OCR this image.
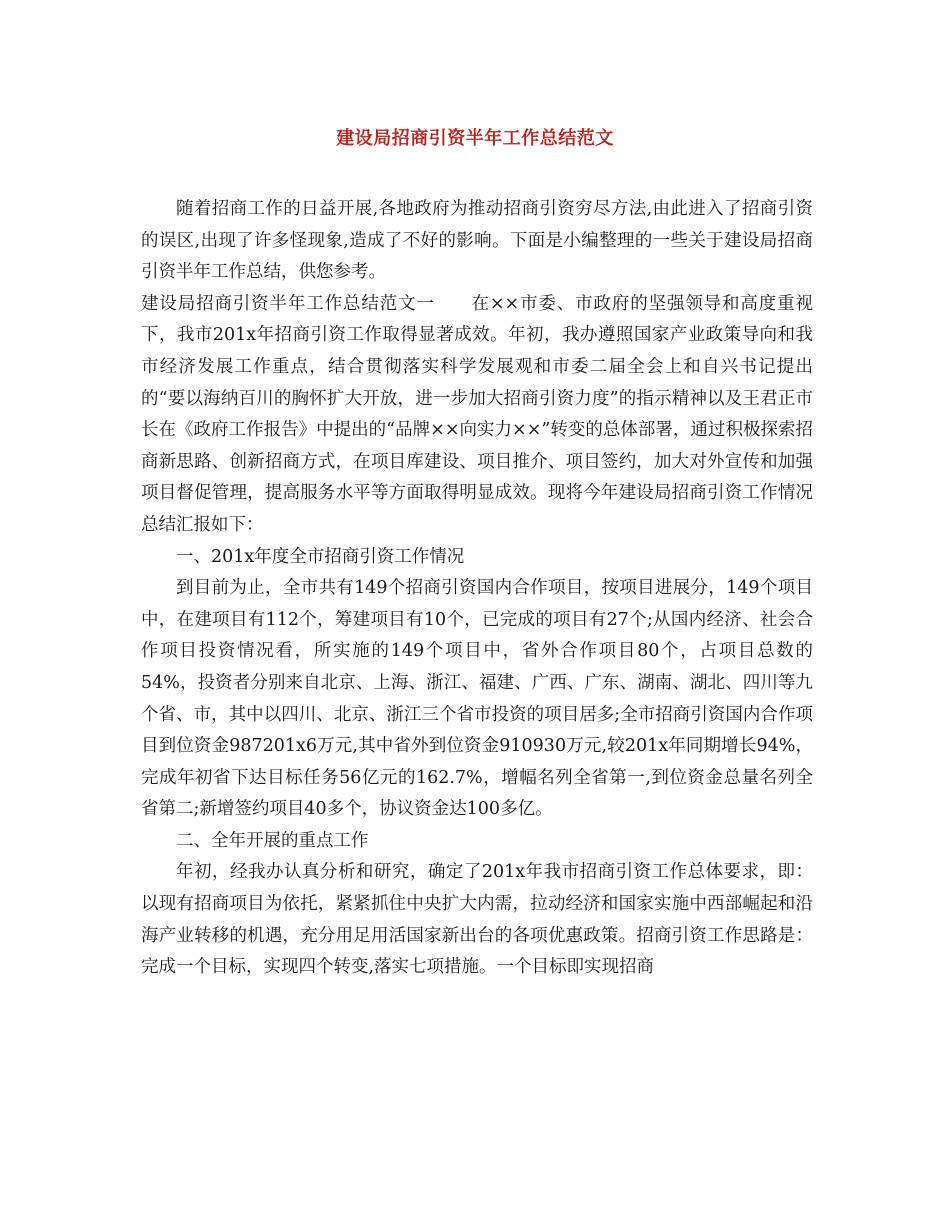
建设局招商引资半年工作总结范文

随着招商工作的日益开展,各地政府为推动招商引资穷尽方法,由此进入了招商引资的误区,出现了许多怪现象,造成了不好的影响。下面是小编整理的一些关于建设局招商引资半年工作总结，供您参考。

建设局招商引资半年工作总结范文一　　在××市委、市政府的坚强领导和高度重视下，我市201x年招商引资工作取得显著成效。年初，我办遵照国家产业政策导向和我市经济发展工作重点，结合贯彻落实科学发展观和市委二届全会上和自兴书记提出的“要以海纳百川的胸怀扩大开放，进一步加大招商引资力度”的指示精神以及王君正市长在《政府工作报告》中提出的“品牌××向实力××”转变的总体部署，通过积极探索招商新思路、创新招商方式，在项目库建设、项目推介、项目签约，加大对外宣传和加强项目督促管理，提高服务水平等方面取得明显成效。现将今年建设局招商引资工作情况总结汇报如下：

一、201x年度全市招商引资工作情况

到目前为止，全市共有149个招商引资国内合作项目，按项目进展分，149个项目中，在建项目有112个，筹建项目有10个，已完成的项目有27个;从国内经济、社会合作项目投资情况看，所实施的149个项目中，省外合作项目80个，占项目总数的54%，投资者分别来自北京、上海、浙江、福建、广西、广东、湖南、湖北、四川等九个省、市，其中以四川、北京、浙江三个省市投资的项目居多;全市招商引资国内合作项目到位资金987201x6万元,其中省外到位资金910930万元,较201x年同期增长94%，完成年初省下达目标任务56亿元的162.7%，增幅名列全省第一,到位资金总量名列全省第二;新增签约项目40多个，协议资金达100多亿。

二、全年开展的重点工作

年初，经我办认真分析和研究，确定了201x年我市招商引资工作总体要求，即：以现有招商项目为依托，紧紧抓住中央扩大内需，拉动经济和国家实施中西部崛起和沿海产业转移的机遇，充分用足用活国家新出台的各项优惠政策。招商引资工作思路是：完成一个目标，实现四个转变,落实七项措施。一个目标即实现招商
